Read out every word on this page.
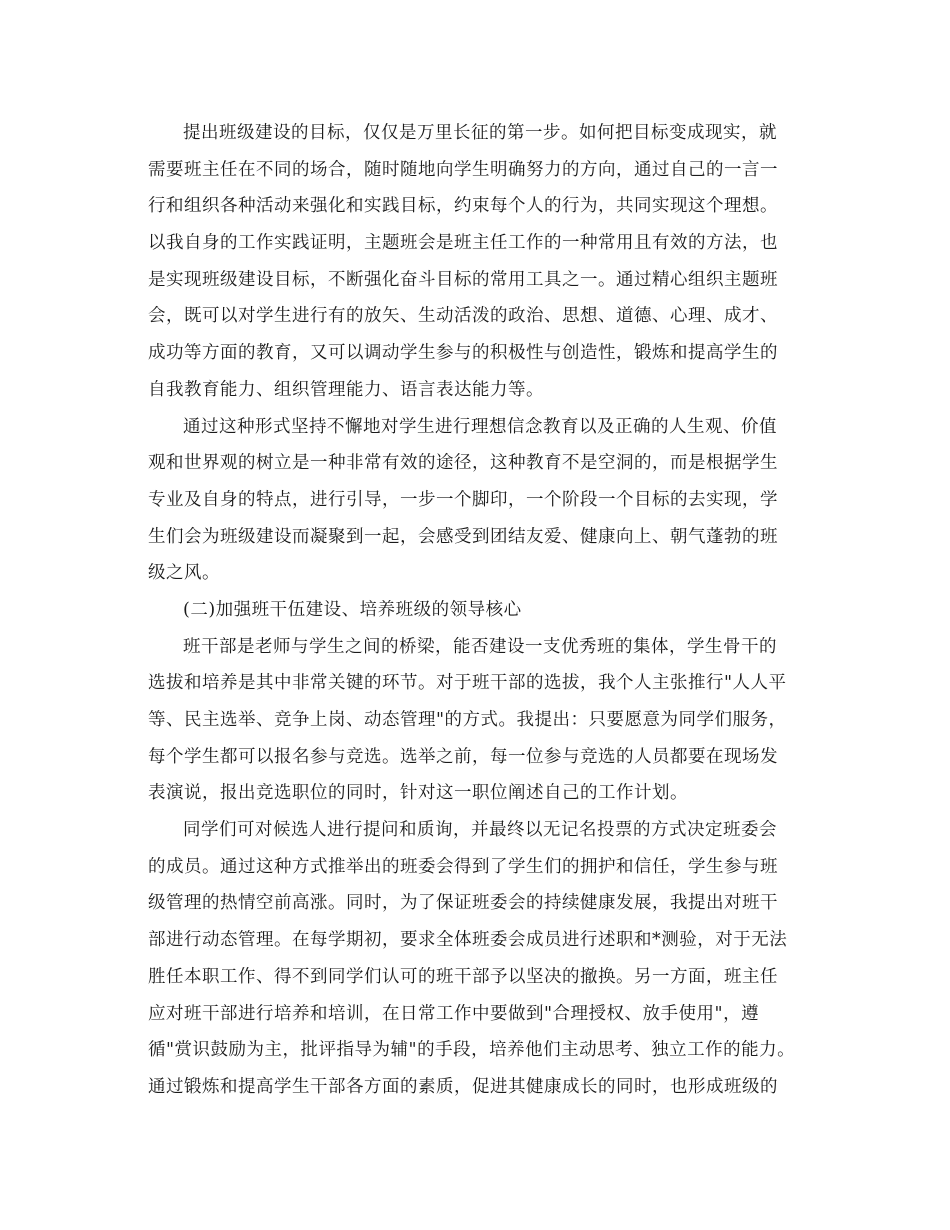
提出班级建设的目标，仅仅是万里长征的第一步。如何把目标变成现实，就
需要班主任在不同的场合，随时随地向学生明确努力的方向，通过自己的一言一
行和组织各种活动来强化和实践目标，约束每个人的行为，共同实现这个理想。
以我自身的工作实践证明，主题班会是班主任工作的一种常用且有效的方法，也
是实现班级建设目标，不断强化奋斗目标的常用工具之一。通过精心组织主题班
会，既可以对学生进行有的放矢、生动活泼的政治、思想、道德、心理、成才、
成功等方面的教育，又可以调动学生参与的积极性与创造性，锻炼和提高学生的
自我教育能力、组织管理能力、语言表达能力等。
通过这种形式坚持不懈地对学生进行理想信念教育以及正确的人生观、价值
观和世界观的树立是一种非常有效的途径，这种教育不是空洞的，而是根据学生
专业及自身的特点，进行引导，一步一个脚印，一个阶段一个目标的去实现，学
生们会为班级建设而凝聚到一起，会感受到团结友爱、健康向上、朝气蓬勃的班
级之风。
(二)加强班干伍建设、培养班级的领导核心
班干部是老师与学生之间的桥梁，能否建设一支优秀班的集体，学生骨干的
选拔和培养是其中非常关键的环节。对于班干部的选拔，我个人主张推行"人人平
等、民主选举、竞争上岗、动态管理"的方式。我提出：只要愿意为同学们服务，
每个学生都可以报名参与竞选。选举之前，每一位参与竞选的人员都要在现场发
表演说，报出竞选职位的同时，针对这一职位阐述自己的工作计划。
同学们可对候选人进行提问和质询，并最终以无记名投票的方式决定班委会
的成员。通过这种方式推举出的班委会得到了学生们的拥护和信任，学生参与班
级管理的热情空前高涨。同时，为了保证班委会的持续健康发展，我提出对班干
部进行动态管理。在每学期初，要求全体班委会成员进行述职和*测验，对于无法
胜任本职工作、得不到同学们认可的班干部予以坚决的撤换。另一方面，班主任
应对班干部进行培养和培训，在日常工作中要做到"合理授权、放手使用"，遵
循"赏识鼓励为主，批评指导为辅"的手段，培养他们主动思考、独立工作的能力。
通过锻炼和提高学生干部各方面的素质，促进其健康成长的同时，也形成班级的
